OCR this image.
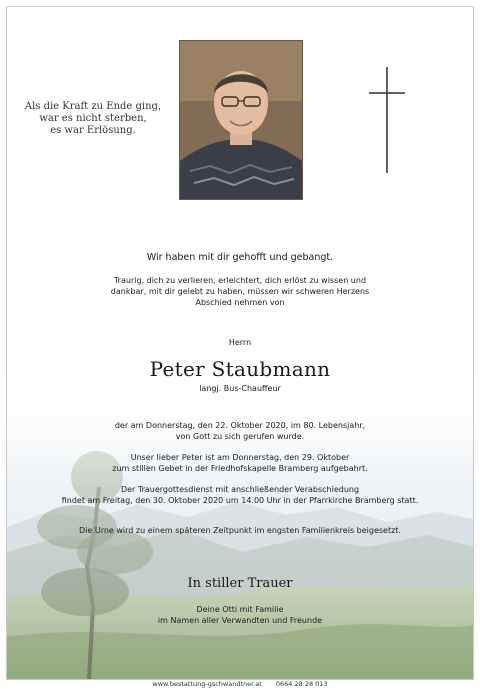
Als die Kraft zu Ende ging,
war es nicht sterben,
es war Erlösung.

Wir haben mit dir gehofft und gebangt.

Traurig, dich zu verlieren, erleichtert, dich erlöst zu wissen und
dankbar, mit dir gelebt zu haben, müssen wir schweren Herzens
Abschied nehmen von

Herrn

Peter Staubmann

langj. Bus-Chauffeur

der am Donnerstag, den 22. Oktober 2020, im 80. Lebensjahr,
von Gott zu sich gerufen wurde.

Unser lieber Peter ist am Donnerstag, den 29. Oktober
zum stillen Gebet in der Friedhofskapelle Bramberg aufgebahrt.

Der Trauergottesdienst mit anschließender Verabschiedung
findet am Freitag, den 30. Oktober 2020 um 14.00 Uhr in der Pfarrkirche Bramberg statt.

Die Urne wird zu einem späteren Zeitpunkt im engsten Familienkreis beigesetzt.

In stiller Trauer

Deine Otti mit Familie
im Namen aller Verwandten und Freunde

www.bestattung-gschwandtner.at 0664 28 28 013
